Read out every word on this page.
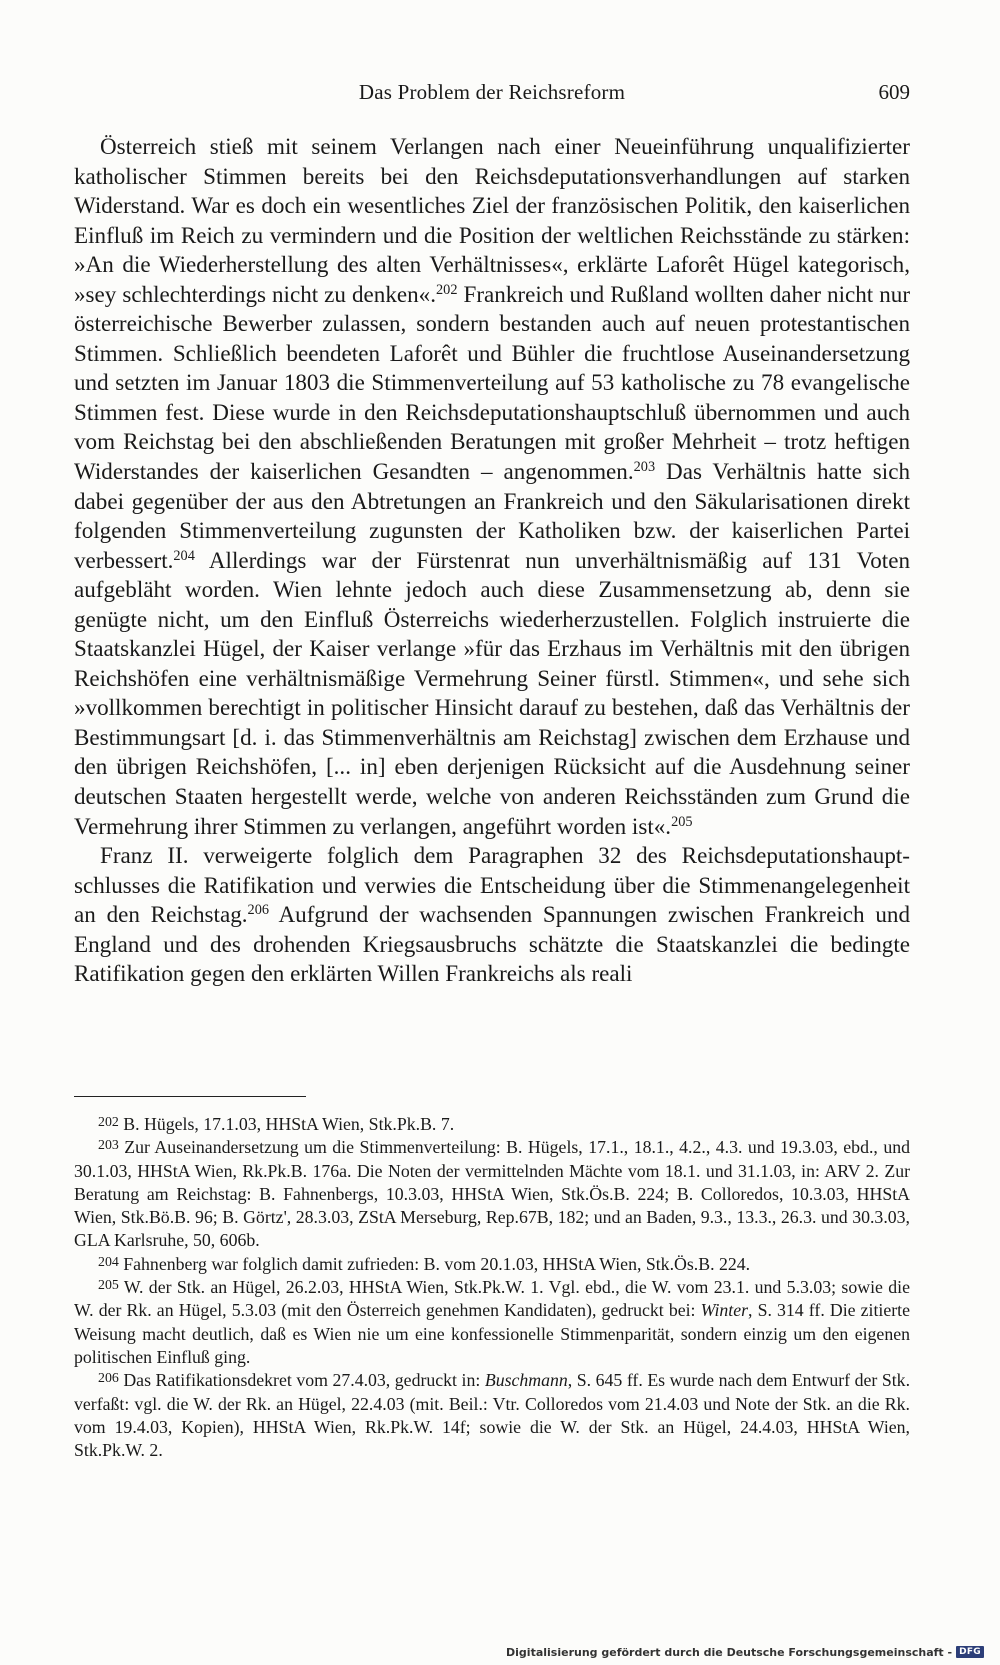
Das Problem der Reichsreform	609

Österreich stieß mit seinem Verlangen nach einer Neueinführung unqualifizierter katholischer Stimmen bereits bei den Reichsdeputationsverhandlungen auf starken Widerstand. War es doch ein wesentliches Ziel der französischen Politik, den kaiserlichen Einfluß im Reich zu vermindern und die Position der weltlichen Reichsstände zu stärken: »An die Wiederherstellung des alten Verhältnisses«, erklärte Laforêt Hügel kategorisch, »sey schlechterdings nicht zu denken«.$^{202}$ Frankreich und Rußland wollten daher nicht nur österreichische Bewerber zulassen, sondern bestanden auch auf neuen protestantischen Stimmen. Schließlich beendeten Laforêt und Bühler die fruchtlose Auseinandersetzung und setzten im Januar 1803 die Stimmenverteilung auf 53 katholische zu 78 evangelische Stimmen fest. Diese wurde in den Reichsdeputationshauptschluß übernommen und auch vom Reichstag bei den abschließenden Beratungen mit großer Mehrheit – trotz heftigen Widerstandes der kaiserlichen Gesandten – angenommen.$^{203}$ Das Verhältnis hatte sich dabei gegenüber der aus den Abtretungen an Frankreich und den Säkularisationen direkt folgenden Stimmenverteilung zugunsten der Katholiken bzw. der kaiserlichen Partei verbessert.$^{204}$ Allerdings war der Fürstenrat nun unverhältnismäßig auf 131 Voten aufgebläht worden. Wien lehnte jedoch auch diese Zusammensetzung ab, denn sie genügte nicht, um den Einfluß Österreichs wiederherzustellen. Folglich instruierte die Staatskanzlei Hügel, der Kaiser verlange »für das Erzhaus im Verhältnis mit den übrigen Reichshöfen eine verhältnismäßige Vermehrung Seiner fürstl. Stimmen«, und sehe sich »vollkommen berechtigt in politischer Hinsicht darauf zu bestehen, daß das Verhältnis der Bestimmungsart [d. i. das Stimmenverhältnis am Reichstag] zwischen dem Erzhause und den übrigen Reichshöfen, [... in] eben derjenigen Rücksicht auf die Ausdehnung seiner deutschen Staaten hergestellt werde, welche von anderen Reichsständen zum Grund die Vermehrung ihrer Stimmen zu verlangen, angeführt worden ist«.$^{205}$

Franz II. verweigerte folglich dem Paragraphen 32 des Reichsdeputationshauptschlusses die Ratifikation und verwies die Entscheidung über die Stimmenangelegenheit an den Reichstag.$^{206}$ Aufgrund der wachsenden Spannungen zwischen Frankreich und England und des drohenden Kriegsausbruchs schätzte die Staatskanzlei die bedingte Ratifikation gegen den erklärten Willen Frankreichs als reali

$^{202}$ B. Hügels, 17.1.03, HHStA Wien, Stk.Pk.B. 7.

$^{203}$ Zur Auseinandersetzung um die Stimmenverteilung: B. Hügels, 17.1., 18.1., 4.2., 4.3. und 19.3.03, ebd., und 30.1.03, HHStA Wien, Rk.Pk.B. 176a. Die Noten der vermittelnden Mächte vom 18.1. und 31.1.03, in: ARV 2. Zur Beratung am Reichstag: B. Fahnenbergs, 10.3.03, HHStA Wien, Stk.Ös.B. 224; B. Colloredos, 10.3.03, HHStA Wien, Stk.Bö.B. 96; B. Görtz', 28.3.03, ZStA Merseburg, Rep.67B, 182; und an Baden, 9.3., 13.3., 26.3. und 30.3.03, GLA Karlsruhe, 50, 606b.

$^{204}$ Fahnenberg war folglich damit zufrieden: B. vom 20.1.03, HHStA Wien, Stk.Ös.B. 224.

$^{205}$ W. der Stk. an Hügel, 26.2.03, HHStA Wien, Stk.Pk.W. 1. Vgl. ebd., die W. vom 23.1. und 5.3.03; sowie die W. der Rk. an Hügel, 5.3.03 (mit den Österreich genehmen Kandidaten), gedruckt bei: Winter, S. 314 ff. Die zitierte Weisung macht deutlich, daß es Wien nie um eine konfessionelle Stimmenparität, sondern einzig um den eigenen politischen Einfluß ging.

$^{206}$ Das Ratifikationsdekret vom 27.4.03, gedruckt in: Buschmann, S. 645 ff. Es wurde nach dem Entwurf der Stk. verfaßt: vgl. die W. der Rk. an Hügel, 22.4.03 (mit. Beil.: Vtr. Colloredos vom 21.4.03 und Note der Stk. an die Rk. vom 19.4.03, Kopien), HHStA Wien, Rk.Pk.W. 14f; sowie die W. der Stk. an Hügel, 24.4.03, HHStA Wien, Stk.Pk.W. 2.

Digitalisierung gefördert durch die Deutsche Forschungsgemeinschaft - DFG
